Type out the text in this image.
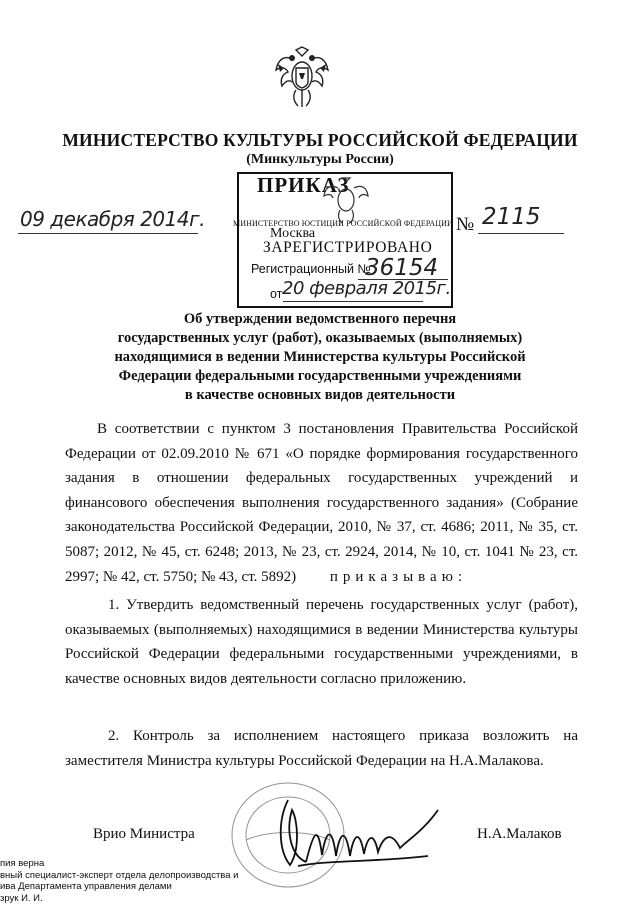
МИНИСТЕРСТВО КУЛЬТУРЫ РОССИЙСКОЙ ФЕДЕРАЦИИ
(Минкультуры России)
ПРИКАЗ
МИНИСТЕРСТВО ЮСТИЦИИ РОССИЙСКОЙ ФЕДЕРАЦИИ
Москва
ЗАРЕГИСТРИРОВАНО
Регистрационный №
36154
от 20 февраля 2015г.
09 декабря 2014г.	№ 2115
Об утверждении ведомственного перечня
государственных услуг (работ), оказываемых (выполняемых)
находящимися в ведении Министерства культуры Российской
Федерации федеральными государственными учреждениями
в качестве основных видов деятельности
В соответствии с пунктом 3 постановления Правительства Российской Федерации от 02.09.2010 № 671 «О порядке формирования государственного задания в отношении федеральных государственных учреждений и финансового обеспечения выполнения государственного задания» (Собрание законодательства Российской Федерации, 2010, № 37, ст. 4686; 2011, № 35, ст. 5087; 2012, № 45, ст. 6248; 2013, № 23, ст. 2924, 2014, № 10, ст. 1041 № 23, ст. 2997; № 42, ст. 5750; № 43, ст. 5892) приказываю:
1. Утвердить ведомственный перечень государственных услуг (работ), оказываемых (выполняемых) находящимися в ведении Министерства культуры Российской Федерации федеральными государственными учреждениями, в качестве основных видов деятельности согласно приложению.
2. Контроль за исполнением настоящего приказа возложить на заместителя Министра культуры Российской Федерации на Н.А.Малакова.
Врио Министра	Н.А.Малаков
пия верна
вный специалист-эксперт отдела делопроизводства и
ива Департамента управления делами
зрук И. И.
